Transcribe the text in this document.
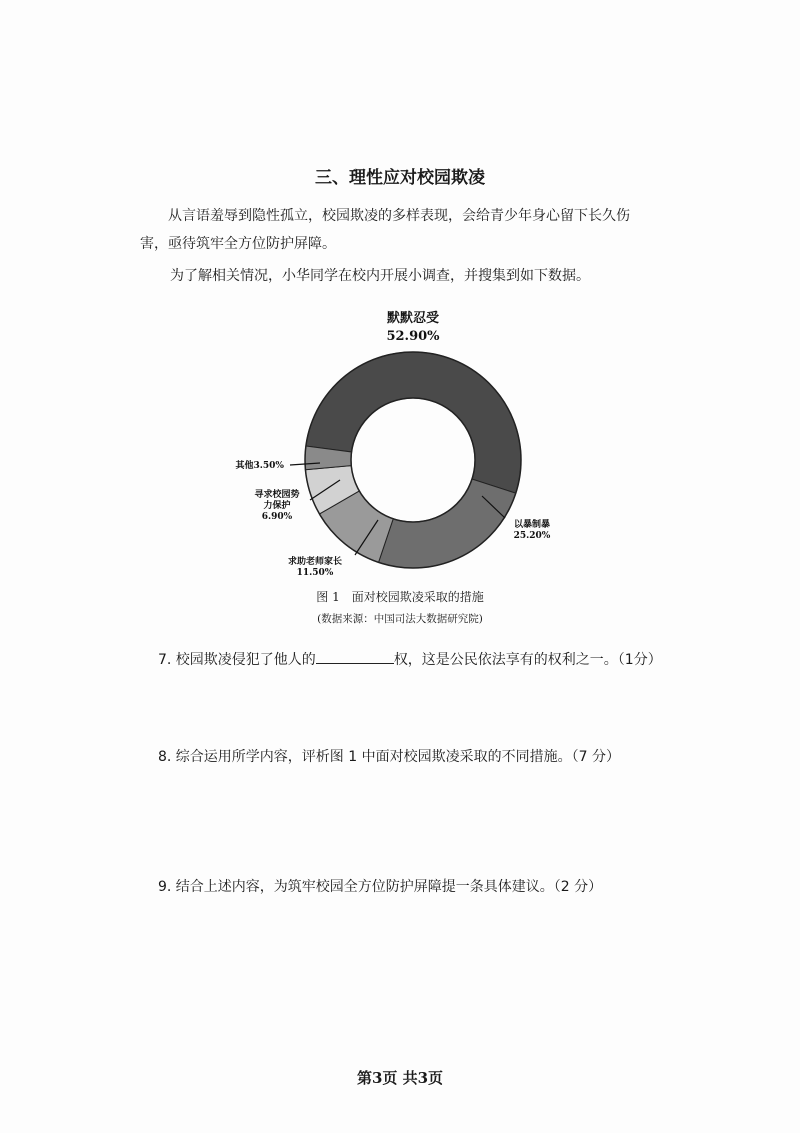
三、理性应对校园欺凌
从言语羞辱到隐性孤立，校园欺凌的多样表现，会给青少年身心留下长久伤害，亟待筑牢全方位防护屏障。
为了解相关情况，小华同学在校内开展小调查，并搜集到如下数据。
默默忍受
52.90%
以暴制暴
25.20%
求助老师家长
11.50%
寻求校园势
力保护
6.90%
其他3.50%
图 1　面对校园欺凌采取的措施
(数据来源：中国司法大数据研究院)
7. 校园欺凌侵犯了他人的	权，这是公民依法享有的权利之一。（1分）
8. 综合运用所学内容，评析图 1 中面对校园欺凌采取的不同措施。（7 分）
9. 结合上述内容，为筑牢校园全方位防护屏障提一条具体建议。（2 分）
第3页 共3页
